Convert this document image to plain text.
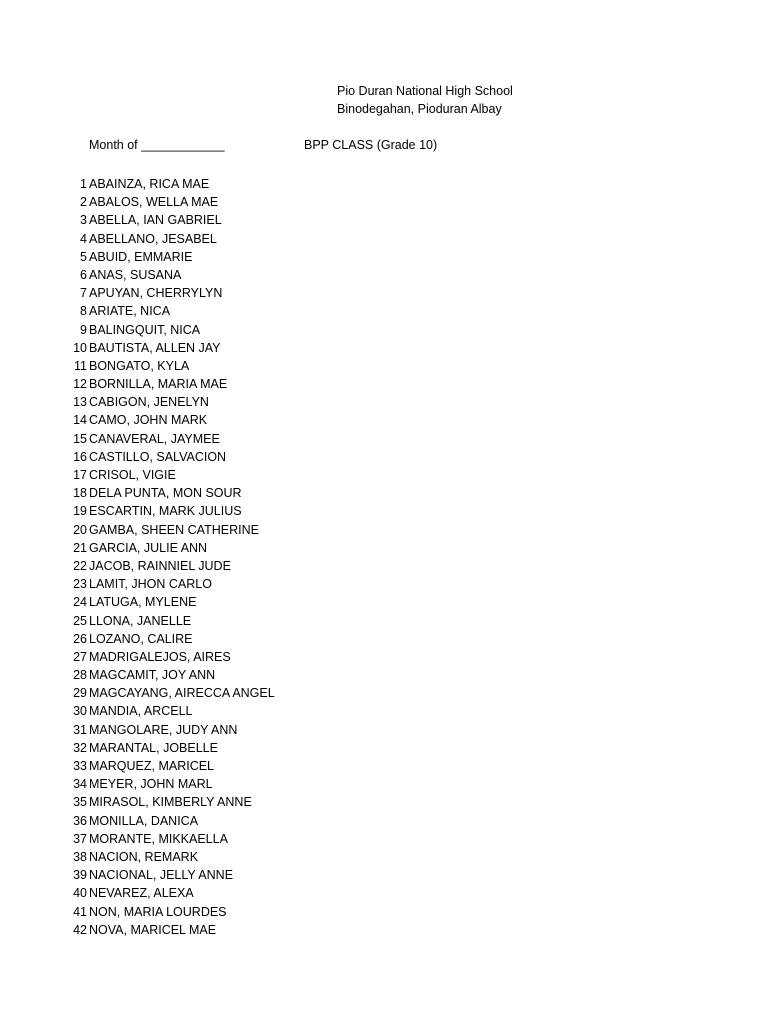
Pio Duran National High School
Binodegahan, Pioduran Albay
Month of ____________	BPP CLASS (Grade 10)
1 ABAINZA, RICA MAE
2 ABALOS, WELLA MAE
3 ABELLA, IAN GABRIEL
4 ABELLANO, JESABEL
5 ABUID, EMMARIE
6 ANAS, SUSANA
7 APUYAN, CHERRYLYN
8 ARIATE, NICA
9 BALINGQUIT, NICA
10 BAUTISTA, ALLEN JAY
11 BONGATO, KYLA
12 BORNILLA, MARIA MAE
13 CABIGON, JENELYN
14 CAMO, JOHN MARK
15 CANAVERAL, JAYMEE
16 CASTILLO, SALVACION
17 CRISOL, VIGIE
18 DELA PUNTA, MON SOUR
19 ESCARTIN, MARK JULIUS
20 GAMBA, SHEEN CATHERINE
21 GARCIA, JULIE ANN
22 JACOB, RAINNIEL JUDE
23 LAMIT, JHON CARLO
24 LATUGA, MYLENE
25 LLONA, JANELLE
26 LOZANO, CALIRE
27 MADRIGALEJOS, AIRES
28 MAGCAMIT, JOY ANN
29 MAGCAYANG, AIRECCA ANGEL
30 MANDIA, ARCELL
31 MANGOLARE, JUDY ANN
32 MARANTAL, JOBELLE
33 MARQUEZ, MARICEL
34 MEYER, JOHN MARL
35 MIRASOL, KIMBERLY ANNE
36 MONILLA, DANICA
37 MORANTE, MIKKAELLA
38 NACION, REMARK
39 NACIONAL, JELLY ANNE
40 NEVAREZ, ALEXA
41 NON, MARIA LOURDES
42 NOVA, MARICEL MAE
